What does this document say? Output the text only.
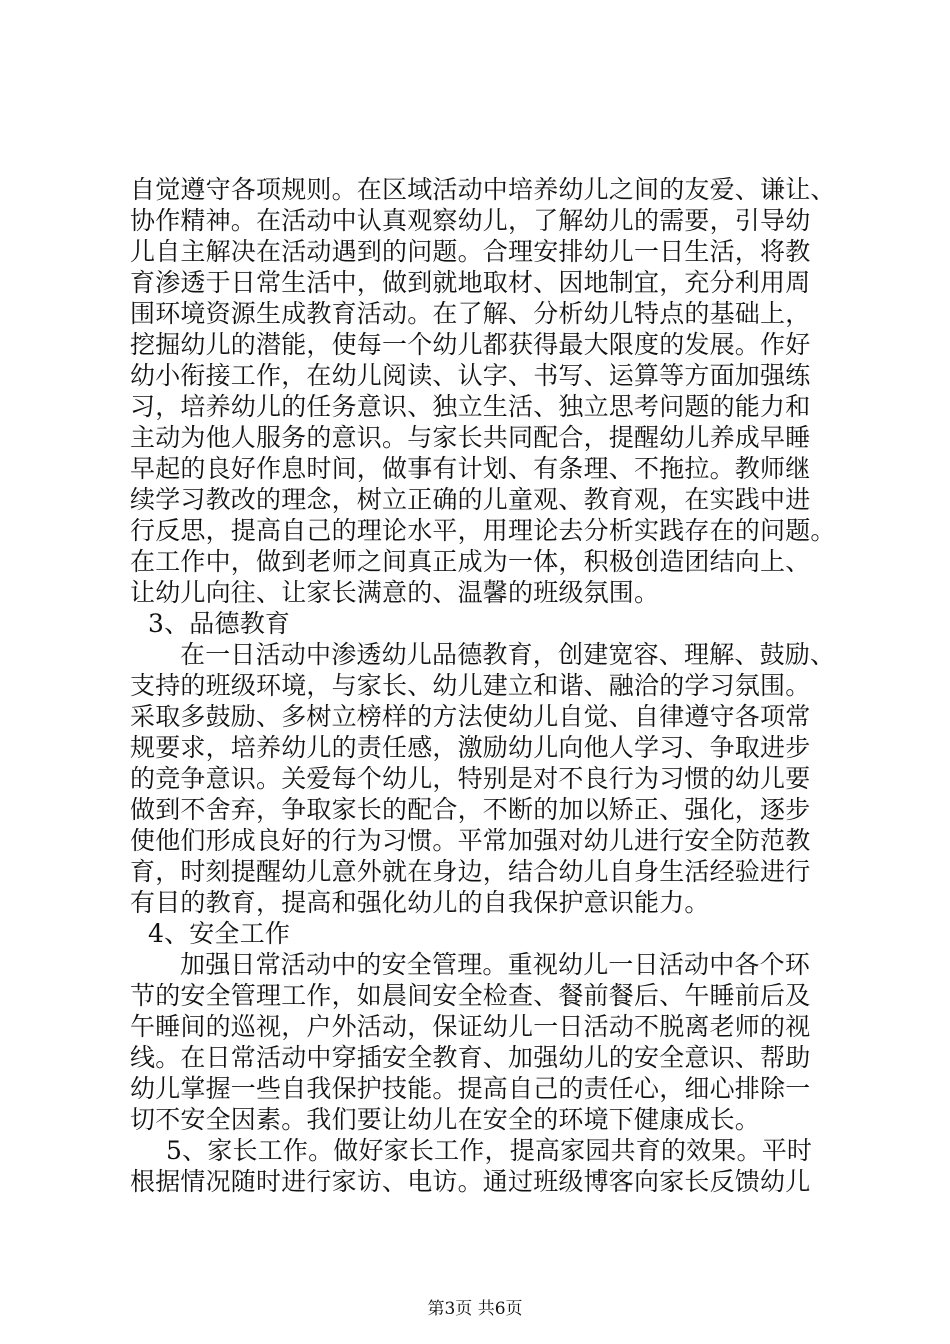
自觉遵守各项规则。在区域活动中培养幼儿之间的友爱、谦让、
协作精神。在活动中认真观察幼儿，了解幼儿的需要，引导幼
儿自主解决在活动遇到的问题。合理安排幼儿一日生活，将教
育渗透于日常生活中，做到就地取材、因地制宜，充分利用周
围环境资源生成教育活动。在了解、分析幼儿特点的基础上，
挖掘幼儿的潜能，使每一个幼儿都获得最大限度的发展。作好
幼小衔接工作，在幼儿阅读、认字、书写、运算等方面加强练
习，培养幼儿的任务意识、独立生活、独立思考问题的能力和
主动为他人服务的意识。与家长共同配合，提醒幼儿养成早睡
早起的良好作息时间，做事有计划、有条理、不拖拉。教师继
续学习教改的理念，树立正确的儿童观、教育观，在实践中进
行反思，提高自己的理论水平，用理论去分析实践存在的问题。
在工作中，做到老师之间真正成为一体，积极创造团结向上、
让幼儿向往、让家长满意的、温馨的班级氛围。
3、品德教育
在一日活动中渗透幼儿品德教育，创建宽容、理解、鼓励、
支持的班级环境，与家长、幼儿建立和谐、融洽的学习氛围。
采取多鼓励、多树立榜样的方法使幼儿自觉、自律遵守各项常
规要求，培养幼儿的责任感，激励幼儿向他人学习、争取进步
的竞争意识。关爱每个幼儿，特别是对不良行为习惯的幼儿要
做到不舍弃，争取家长的配合，不断的加以矫正、强化，逐步
使他们形成良好的行为习惯。平常加强对幼儿进行安全防范教
育，时刻提醒幼儿意外就在身边，结合幼儿自身生活经验进行
有目的教育，提高和强化幼儿的自我保护意识能力。
4、安全工作
加强日常活动中的安全管理。重视幼儿一日活动中各个环
节的安全管理工作，如晨间安全检查、餐前餐后、午睡前后及
午睡间的巡视，户外活动，保证幼儿一日活动不脱离老师的视
线。在日常活动中穿插安全教育、加强幼儿的安全意识、帮助
幼儿掌握一些自我保护技能。提高自己的责任心，细心排除一
切不安全因素。我们要让幼儿在安全的环境下健康成长。
5、家长工作。做好家长工作，提高家园共育的效果。平时
根据情况随时进行家访、电访。通过班级博客向家长反馈幼儿
第3页 共6页
